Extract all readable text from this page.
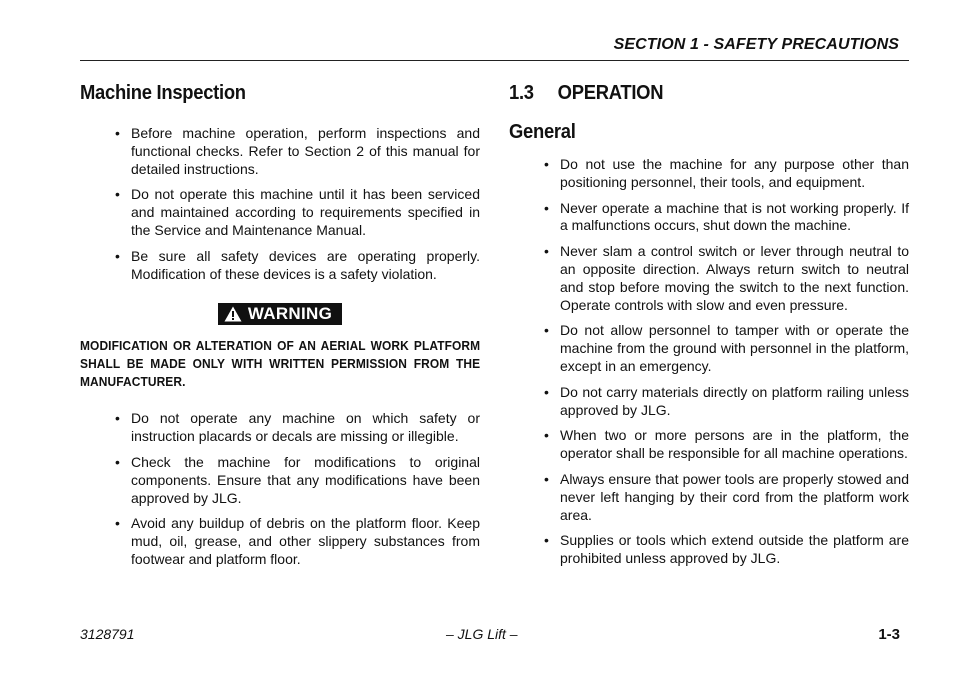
SECTION 1 - SAFETY PRECAUTIONS
Machine Inspection
• Before machine operation, perform inspections and functional checks. Refer to Section 2 of this manual for detailed instructions.
• Do not operate this machine until it has been serviced and maintained according to requirements specified in the Service and Maintenance Manual.
• Be sure all safety devices are operating properly. Modification of these devices is a safety violation.
WARNING
MODIFICATION OR ALTERATION OF AN AERIAL WORK PLATFORM SHALL BE MADE ONLY WITH WRITTEN PERMISSION FROM THE MANUFACTURER.
• Do not operate any machine on which safety or instruction placards or decals are missing or illegible.
• Check the machine for modifications to original components. Ensure that any modifications have been approved by JLG.
• Avoid any buildup of debris on the platform floor. Keep mud, oil, grease, and other slippery substances from footwear and platform floor.
1.3 OPERATION
General
• Do not use the machine for any purpose other than positioning personnel, their tools, and equipment.
• Never operate a machine that is not working properly. If a malfunctions occurs, shut down the machine.
• Never slam a control switch or lever through neutral to an opposite direction. Always return switch to neutral and stop before moving the switch to the next function. Operate controls with slow and even pressure.
• Do not allow personnel to tamper with or operate the machine from the ground with personnel in the platform, except in an emergency.
• Do not carry materials directly on platform railing unless approved by JLG.
• When two or more persons are in the platform, the operator shall be responsible for all machine operations.
• Always ensure that power tools are properly stowed and never left hanging by their cord from the platform work area.
• Supplies or tools which extend outside the platform are prohibited unless approved by JLG.
3128791	– JLG Lift –	1-3
